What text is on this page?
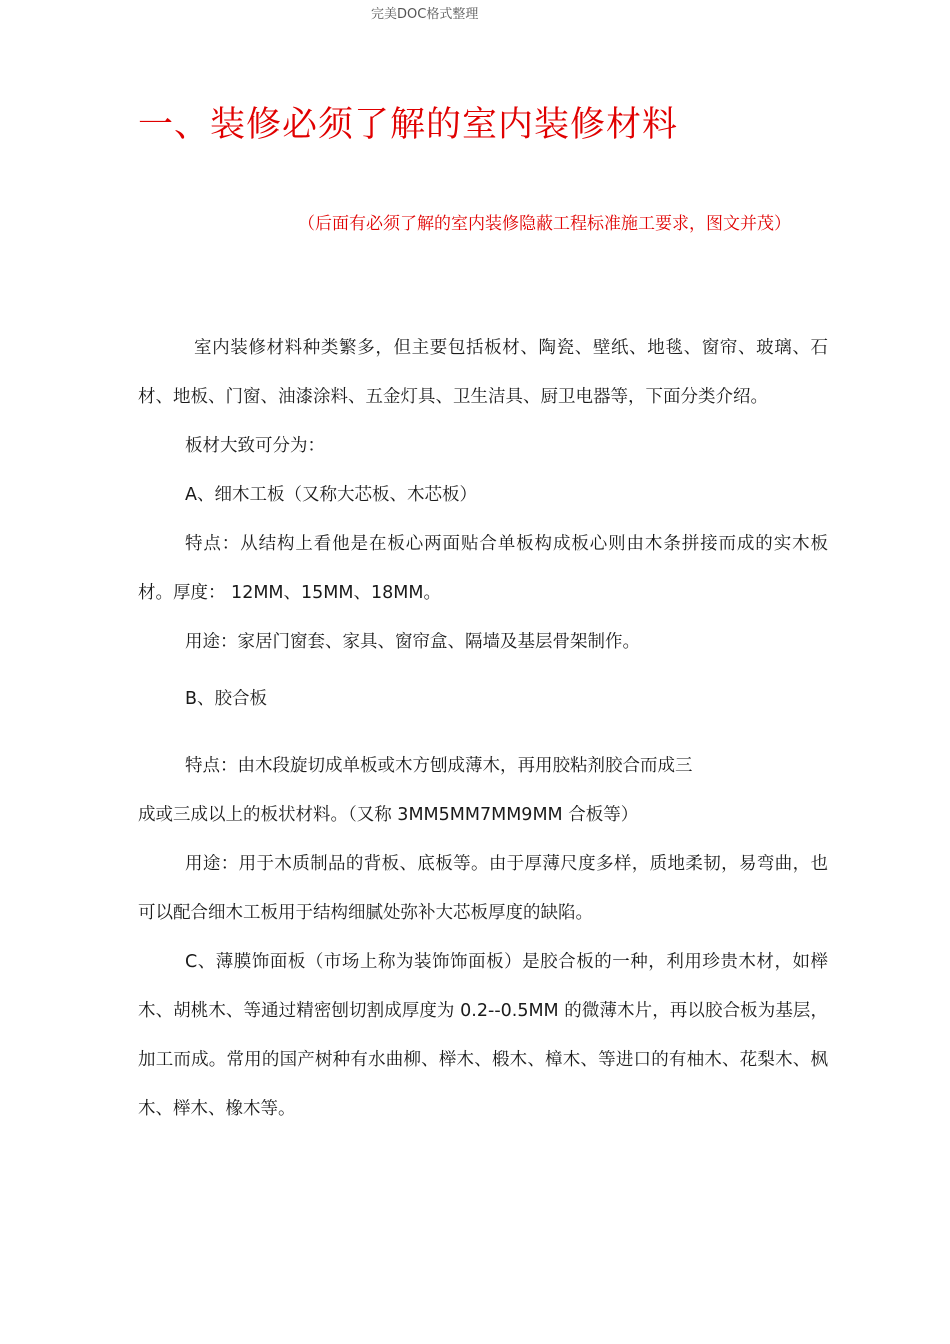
完美DOC格式整理
一、装修必须了解的室内装修材料

（后面有必须了解的室内装修隐蔽工程标准施工要求，图文并茂）

室内装修材料种类繁多，但主要包括板材、陶瓷、壁纸、地毯、窗帘、玻璃、石材、地板、门窗、油漆涂料、五金灯具、卫生洁具、厨卫电器等，下面分类介绍。

板材大致可分为：

A、细木工板（又称大芯板、木芯板）

特点：从结构上看他是在板心两面贴合单板构成板心则由木条拼接而成的实木板材。厚度： 12MM、15MM、18MM。

用途：家居门窗套、家具、窗帘盒、隔墙及基层骨架制作。

B、胶合板

特点：由木段旋切成单板或木方刨成薄木，再用胶粘剂胶合而成三

成或三成以上的板状材料。（又称 3MM5MM7MM9MM 合板等）

用途：用于木质制品的背板、底板等。由于厚薄尺度多样，质地柔韧，易弯曲，也可以配合细木工板用于结构细腻处弥补大芯板厚度的缺陷。

C、薄膜饰面板（市场上称为装饰饰面板）是胶合板的一种，利用珍贵木材，如榉木、胡桃木、等通过精密刨切割成厚度为 0.2--0.5MM 的微薄木片，再以胶合板为基层，加工而成。常用的国产树种有水曲柳、榉木、椴木、樟木、等进口的有柚木、花梨木、枫木、榉木、橡木等。
